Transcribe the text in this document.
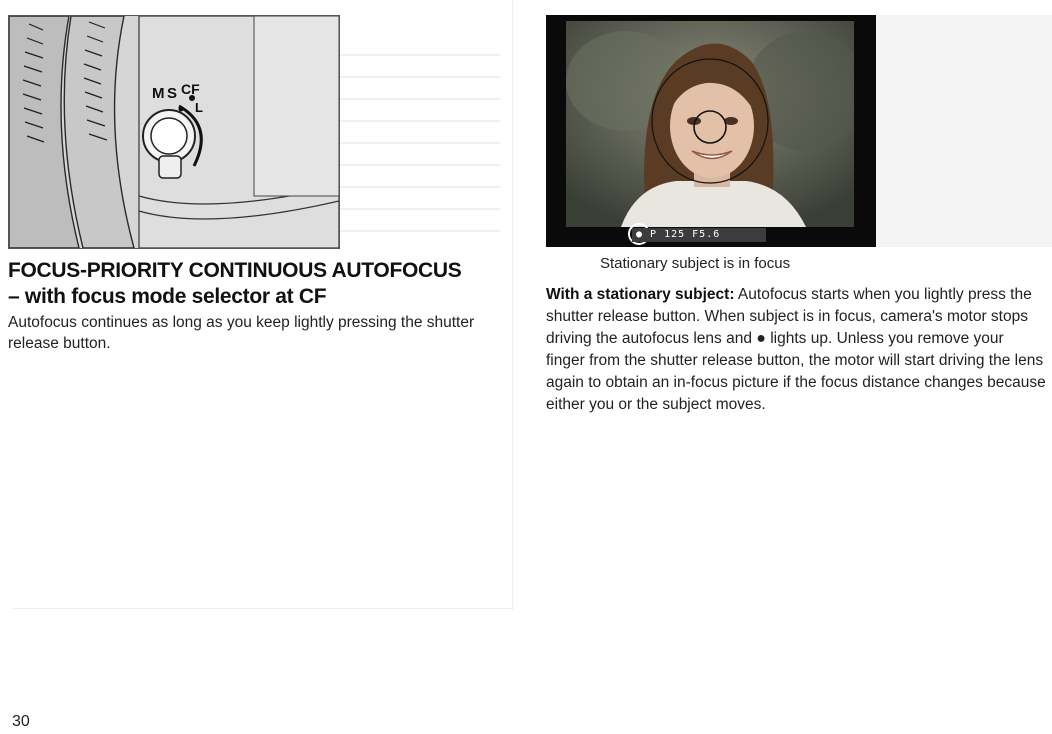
M S CF
L
FOCUS-PRIORITY CONTINUOUS AUTOFOCUS
– with focus mode selector at CF

Autofocus continues as long as you keep lightly pressing the shutter release button.

● P 125 F5.6

Stationary subject is in focus

With a stationary subject: Autofocus starts when you lightly press the shutter release button. When subject is in focus, camera's motor stops driving the autofocus lens and ● lights up. Unless you remove your finger from the shutter release button, the motor will start driving the lens again to obtain an in-focus picture if the focus distance changes because either you or the subject moves.

30
